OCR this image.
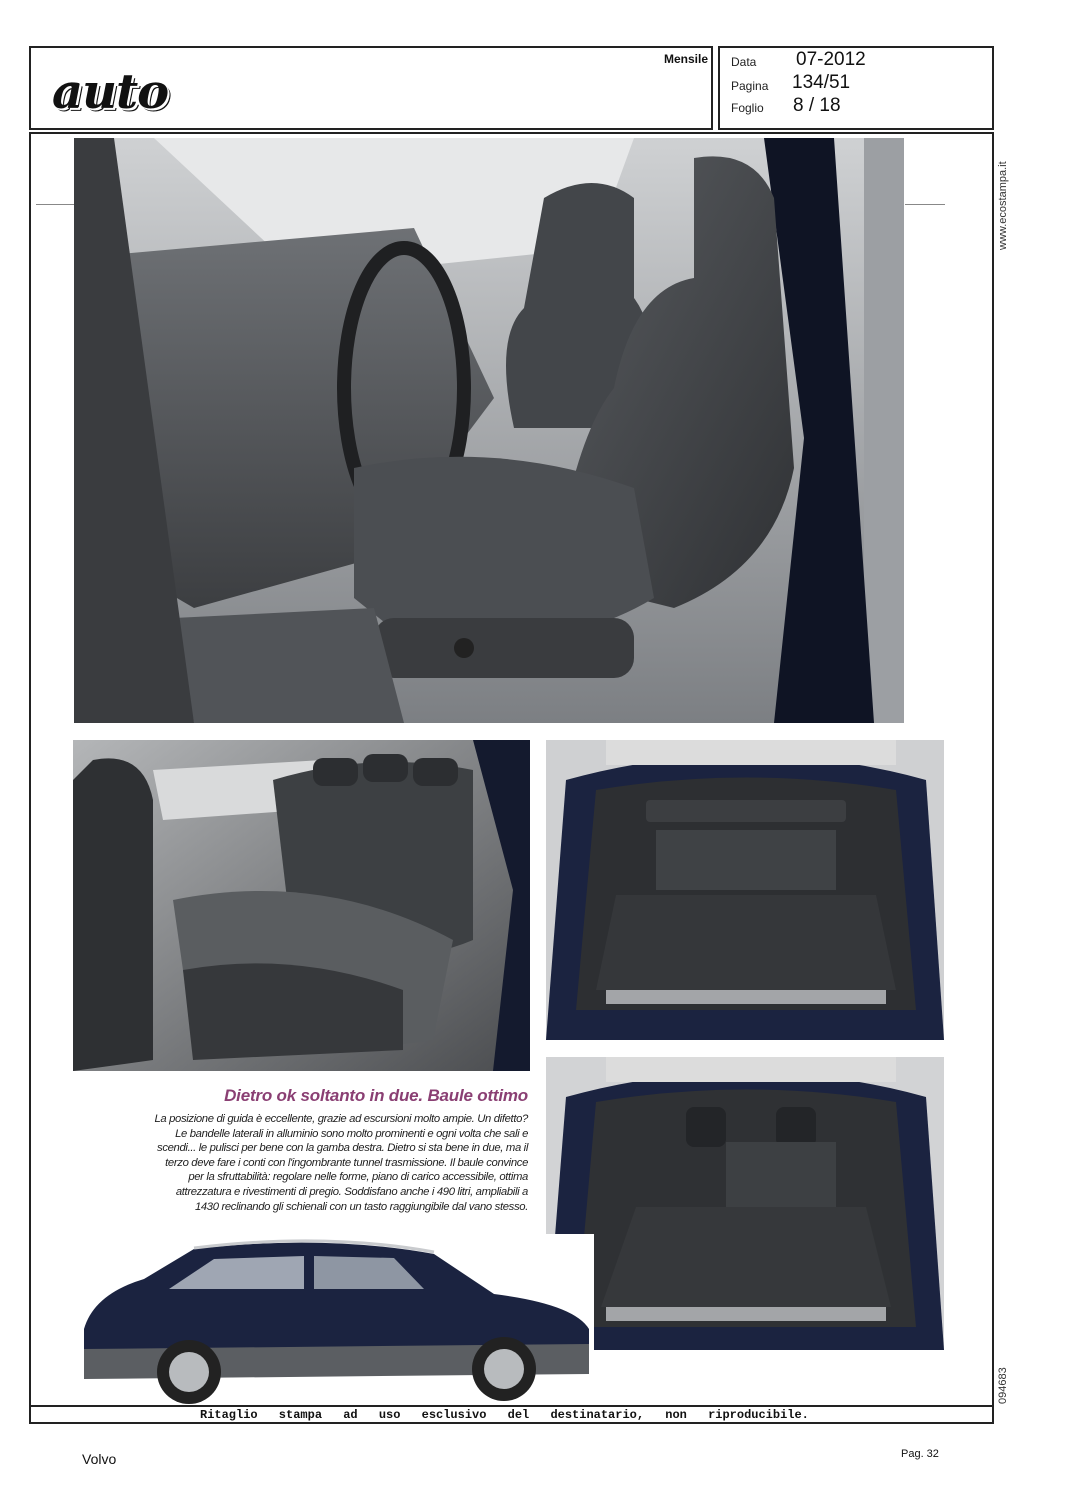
auto
Mensile Data 07-2012
Pagina 134/51
Foglio 8 / 18
www.ecostampa.it
094683
Dietro ok soltanto in due. Baule ottimo
La posizione di guida è eccellente, grazie ad escursioni molto ampie. Un difetto?
Le bandelle laterali in alluminio sono molto prominenti e ogni volta che sali e
scendi... le pulisci per bene con la gamba destra. Dietro si sta bene in due, ma il
terzo deve fare i conti con l'ingombrante tunnel trasmissione. Il baule convince
per la sfruttabilità: regolare nelle forme, piano di carico accessibile, ottima
attrezzatura e rivestimenti di pregio. Soddisfano anche i 490 litri, ampliabili a
1430 reclinando gli schienali con un tasto raggiungibile dal vano stesso.
Ritaglio stampa ad uso esclusivo del destinatario, non riproducibile.
Volvo	Pag. 32
